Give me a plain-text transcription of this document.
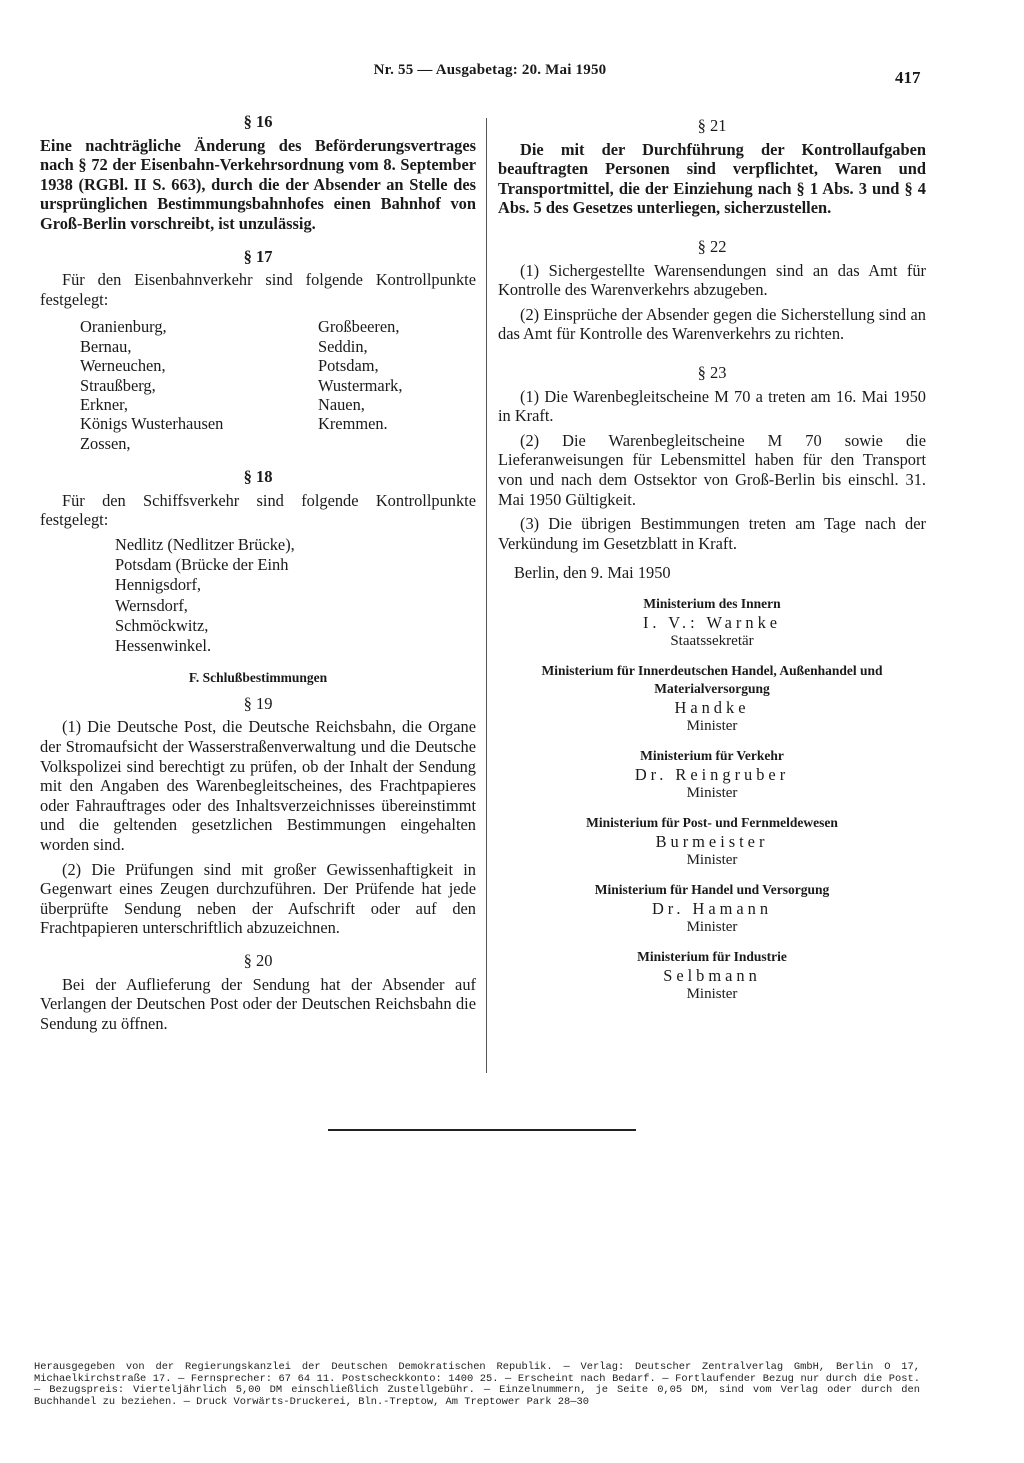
Nr. 55 — Ausgabetag: 20. Mai 1950	417
§ 16
Eine nachträgliche Änderung des Beförderungsvertrages nach § 72 der Eisenbahn-Verkehrsordnung vom 8. September 1938 (RGBl. II S. 663), durch die der Absender an Stelle des ursprünglichen Bestimmungsbahnhofes einen Bahnhof von Groß-Berlin vorschreibt, ist unzulässig.
§ 17
Für den Eisenbahnverkehr sind folgende Kontrollpunkte festgelegt:
Oranienburg,
Bernau,
Werneuchen,
Straußberg,
Erkner,
Königs Wusterhausen
Zossen,
Großbeeren,
Seddin,
Potsdam,
Wustermark,
Nauen,
Kremmen.
§ 18
Für den Schiffsverkehr sind folgende Kontrollpunkte festgelegt:
Nedlitz (Nedlitzer Brücke),
Potsdam (Brücke der Einh
Hennigsdorf,
Wernsdorf,
Schmöckwitz,
Hessenwinkel.
F. Schlußbestimmungen
§ 19
(1) Die Deutsche Post, die Deutsche Reichsbahn, die Organe der Stromaufsicht der Wasserstraßenverwaltung und die Deutsche Volkspolizei sind berechtigt zu prüfen, ob der Inhalt der Sendung mit den Angaben des Warenbegleitscheines, des Frachtpapieres oder Fahrauftrages oder des Inhaltsverzeichnisses übereinstimmt und die geltenden gesetzlichen Bestimmungen eingehalten worden sind.
(2) Die Prüfungen sind mit großer Gewissenhaftigkeit in Gegenwart eines Zeugen durchzuführen. Der Prüfende hat jede überprüfte Sendung neben der Aufschrift oder auf den Frachtpapieren unterschriftlich abzuzeichnen.
§ 20
Bei der Auflieferung der Sendung hat der Absender auf Verlangen der Deutschen Post oder der Deutschen Reichsbahn die Sendung zu öffnen.
§ 21
Die mit der Durchführung der Kontrollaufgaben beauftragten Personen sind verpflichtet, Waren und Transportmittel, die der Einziehung nach § 1 Abs. 3 und § 4 Abs. 5 des Gesetzes unterliegen, sicherzustellen.
§ 22
(1) Sichergestellte Warensendungen sind an das Amt für Kontrolle des Warenverkehrs abzugeben.
(2) Einsprüche der Absender gegen die Sicherstellung sind an das Amt für Kontrolle des Warenverkehrs zu richten.
§ 23
(1) Die Warenbegleitscheine M 70 a treten am 16. Mai 1950 in Kraft.
(2) Die Warenbegleitscheine M 70 sowie die Lieferanweisungen für Lebensmittel haben für den Transport von und nach dem Ostsektor von Groß-Berlin bis einschl. 31. Mai 1950 Gültigkeit.
(3) Die übrigen Bestimmungen treten am Tage nach der Verkündung im Gesetzblatt in Kraft.
Berlin, den 9. Mai 1950
Ministerium des Innern
I. V.: Warnke
Staatssekretär
Ministerium für Innerdeutschen Handel, Außenhandel und Materialversorgung
Handke
Minister
Ministerium für Verkehr
Dr. Reingruber
Minister
Ministerium für Post- und Fernmeldewesen
Burmeister
Minister
Ministerium für Handel und Versorgung
Dr. Hamann
Minister
Ministerium für Industrie
Selbmann
Minister
Herausgegeben von der Regierungskanzlei der Deutschen Demokratischen Republik. — Verlag: Deutscher Zentralverlag GmbH, Berlin O 17, Michaelkirchstraße 17. — Fernsprecher: 67 64 11. Postscheckkonto: 1400 25. — Erscheint nach Bedarf. — Fortlaufender Bezug nur durch die Post. — Bezugspreis: Vierteljährlich 5,00 DM einschließlich Zustellgebühr. — Einzelnummern, je Seite 0,05 DM, sind vom Verlag oder durch den Buchhandel zu beziehen. — Druck Vorwärts-Druckerei, Bln.-Treptow, Am Treptower Park 28—30
